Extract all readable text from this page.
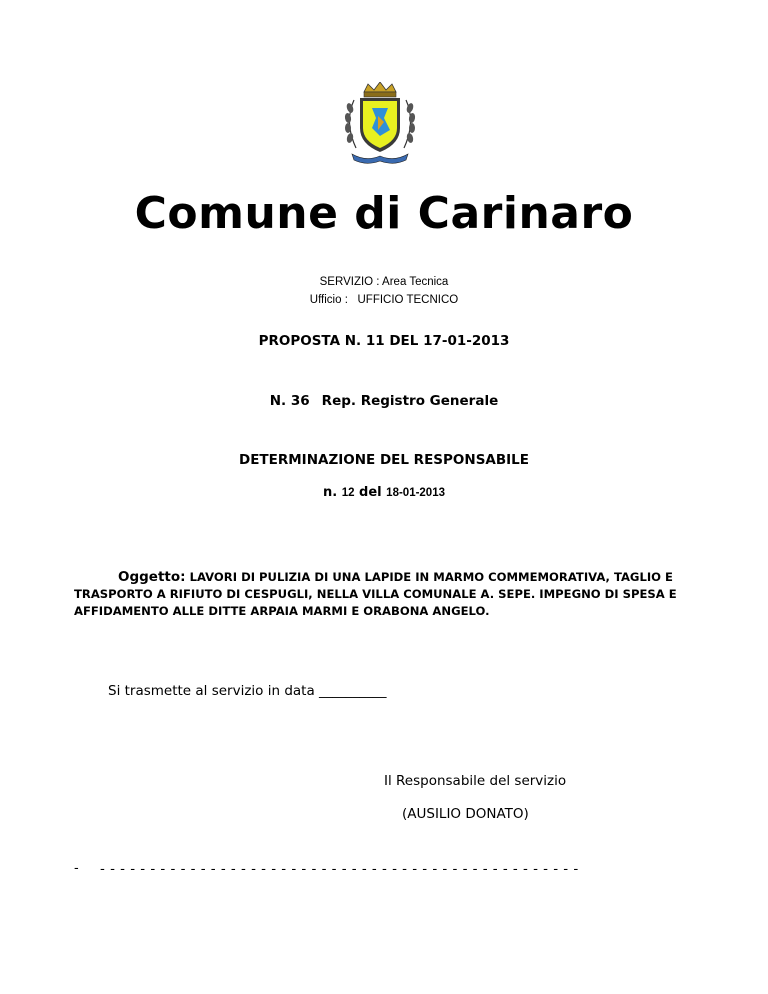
Comune di Carinaro
SERVIZIO : Area Tecnica
Ufficio :   UFFICIO TECNICO
PROPOSTA N. 11 DEL 17-01-2013
N. 36 Rep. Registro Generale
DETERMINAZIONE DEL RESPONSABILE
n. 12 del 18-01-2013
Oggetto: LAVORI DI PULIZIA DI UNA LAPIDE IN MARMO COMMEMORATIVA, TAGLIO E TRASPORTO A RIFIUTO DI CESPUGLI, NELLA VILLA COMUNALE A. SEPE. IMPEGNO DI SPESA E AFFIDAMENTO ALLE DITTE ARPAIA MARMI E ORABONA ANGELO.
Si trasmette al servizio in data __________
Il Responsabile del servizio
(AUSILIO DONATO)
- ------------------------------------------------
